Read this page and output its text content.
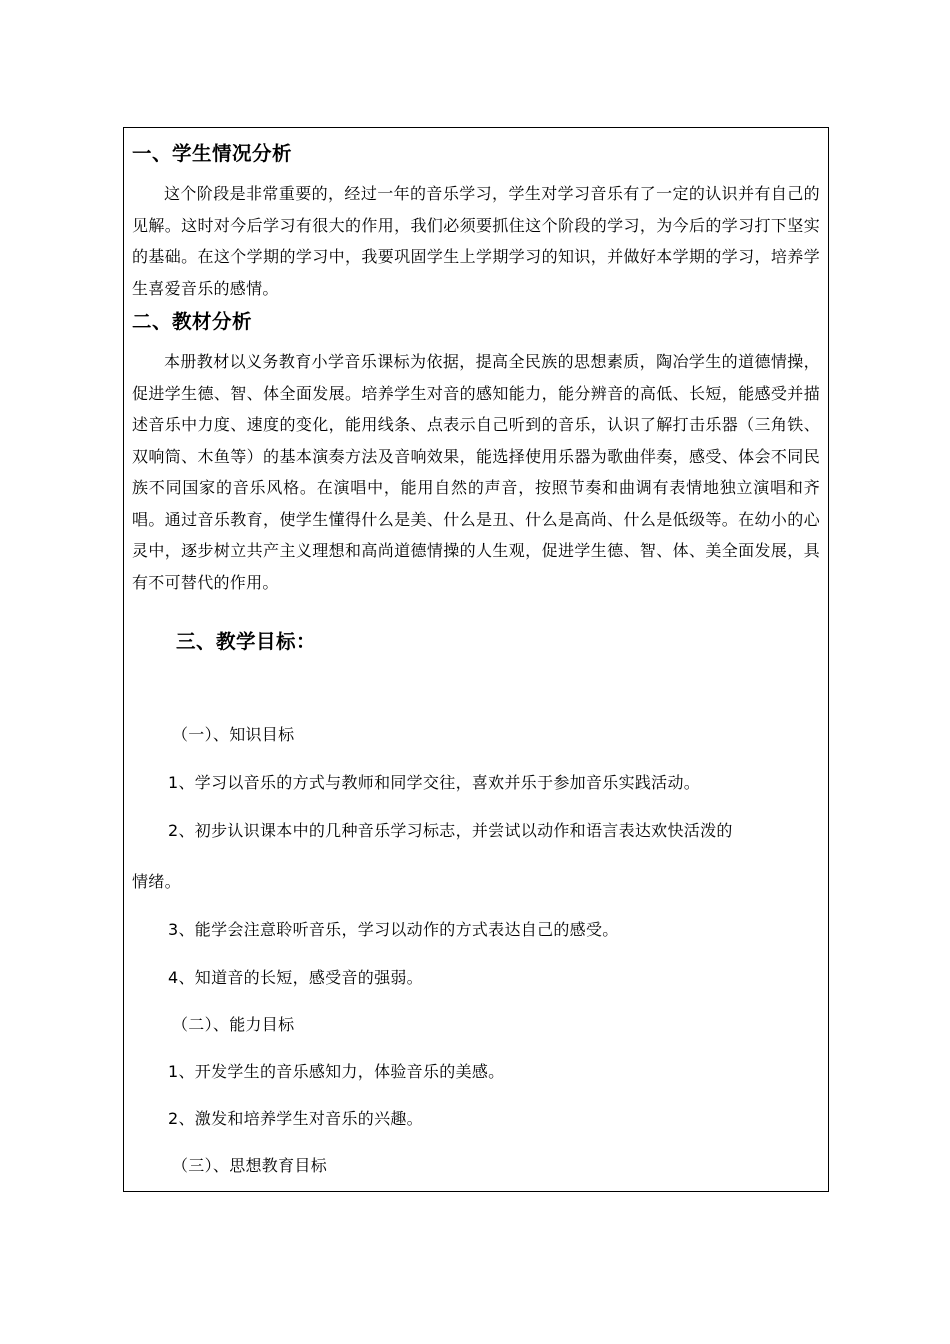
一、学生情况分析

这个阶段是非常重要的，经过一年的音乐学习，学生对学习音乐有了一定的认识并有自己的见解。这时对今后学习有很大的作用，我们必须要抓住这个阶段的学习，为今后的学习打下坚实的基础。在这个学期的学习中，我要巩固学生上学期学习的知识，并做好本学期的学习，培养学生喜爱音乐的感情。

二、教材分析

本册教材以义务教育小学音乐课标为依据，提高全民族的思想素质，陶冶学生的道德情操，促进学生德、智、体全面发展。培养学生对音的感知能力，能分辨音的高低、长短，能感受并描述音乐中力度、速度的变化，能用线条、点表示自己听到的音乐，认识了解打击乐器（三角铁、双响筒、木鱼等）的基本演奏方法及音响效果，能选择使用乐器为歌曲伴奏，感受、体会不同民族不同国家的音乐风格。在演唱中，能用自然的声音，按照节奏和曲调有表情地独立演唱和齐唱。通过音乐教育，使学生懂得什么是美、什么是丑、什么是高尚、什么是低级等。在幼小的心灵中，逐步树立共产主义理想和高尚道德情操的人生观，促进学生德、智、体、美全面发展，具有不可替代的作用。

三、教学目标：
（一）、知识目标
1、学习以音乐的方式与教师和同学交往，喜欢并乐于参加音乐实践活动。
2、初步认识课本中的几种音乐学习标志，并尝试以动作和语言表达欢快活泼的
情绪。
3、能学会注意聆听音乐，学习以动作的方式表达自己的感受。
4、知道音的长短，感受音的强弱。
（二）、能力目标
1、开发学生的音乐感知力，体验音乐的美感。
2、激发和培养学生对音乐的兴趣。
（三）、思想教育目标
